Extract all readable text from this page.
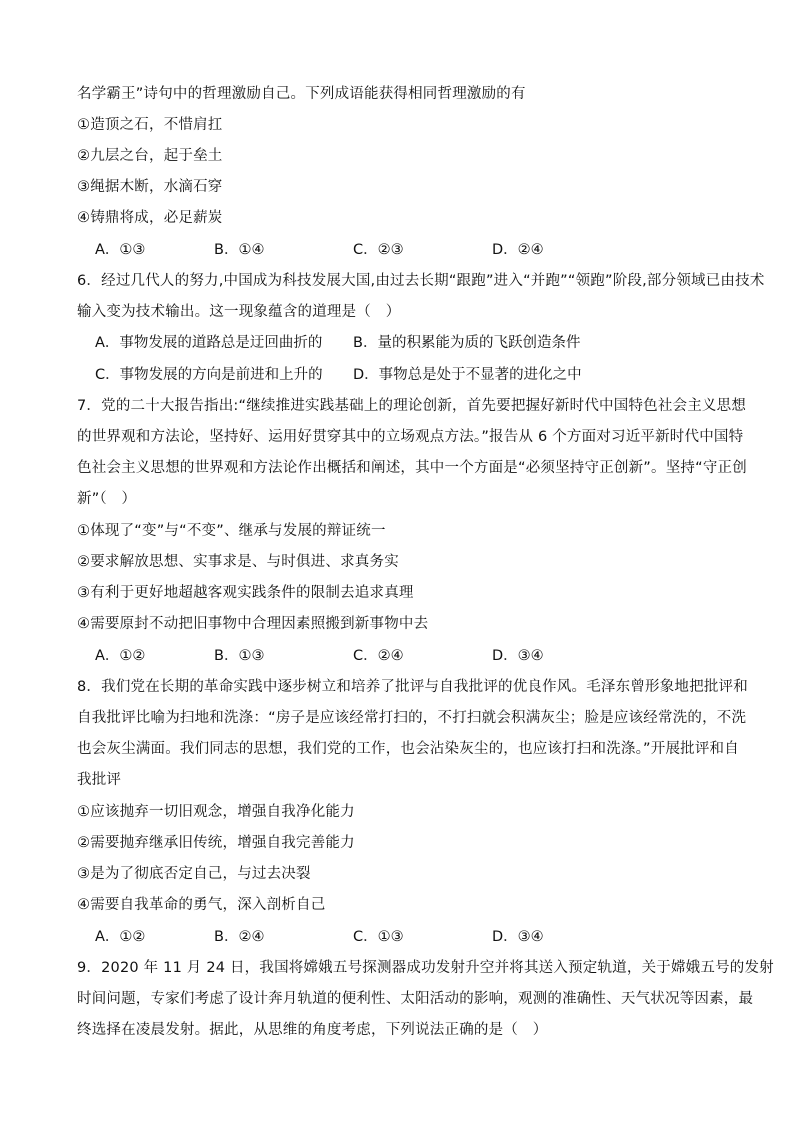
名学霸王”诗句中的哲理激励自己。下列成语能获得相同哲理激励的有
①造顶之石，不惜肩扛
②九层之台，起于垒土
③绳据木断，水滴石穿
④铸鼎将成，必足薪炭
A．①③	B．①④	C．②③	D．②④
6．经过几代人的努力,中国成为科技发展大国,由过去长期“跟跑”进入“并跑”“领跑”阶段,部分领域已由技术
输入变为技术输出。这一现象蕴含的道理是（　）
A．事物发展的道路总是迂回曲折的 B．量的积累能为质的飞跃创造条件
C．事物发展的方向是前进和上升的 D．事物总是处于不显著的进化之中
7．党的二十大报告指出:“继续推进实践基础上的理论创新，首先要把握好新时代中国特色社会主义思想
的世界观和方法论，坚持好、运用好贯穿其中的立场观点方法。”报告从 6 个方面对习近平新时代中国特
色社会主义思想的世界观和方法论作出概括和阐述，其中一个方面是“必须坚持守正创新”。坚持“守正创
新”（　）
①体现了“变”与“不变”、继承与发展的辩证统一
②要求解放思想、实事求是、与时俱进、求真务实
③有利于更好地超越客观实践条件的限制去追求真理
④需要原封不动把旧事物中合理因素照搬到新事物中去
A．①②	B．①③	C．②④	D．③④
8．我们党在长期的革命实践中逐步树立和培养了批评与自我批评的优良作风。毛泽东曾形象地把批评和
自我批评比喻为扫地和洗涤：“房子是应该经常打扫的，不打扫就会积满灰尘；脸是应该经常洗的，不洗
也会灰尘满面。我们同志的思想，我们党的工作，也会沾染灰尘的，也应该打扫和洗涤。”开展批评和自
我批评
①应该抛弃一切旧观念，增强自我净化能力
②需要抛弃继承旧传统，增强自我完善能力
③是为了彻底否定自己，与过去决裂
④需要自我革命的勇气，深入剖析自己
A．①②	B．②④	C．①③	D．③④
9．2020 年 11 月 24 日，我国将嫦娥五号探测器成功发射升空并将其送入预定轨道，关于嫦娥五号的发射
时间问题，专家们考虑了设计奔月轨道的便利性、太阳活动的影响，观测的准确性、天气状况等因素，最
终选择在凌晨发射。据此，从思维的角度考虑，下列说法正确的是（　）
